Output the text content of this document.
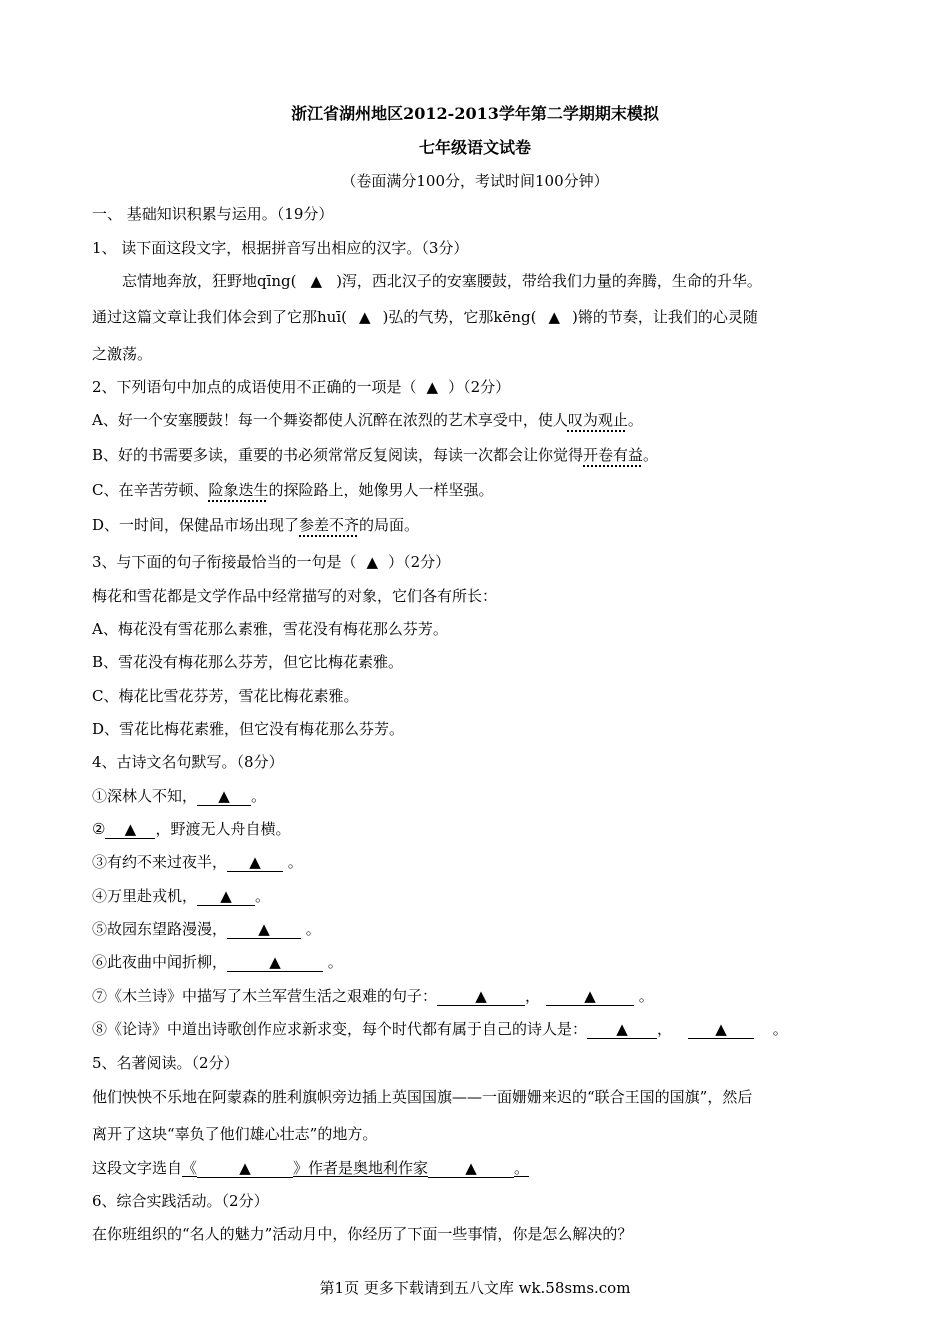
浙江省湖州地区2012-2013学年第二学期期末模拟
七年级语文试卷
（卷面满分100分，考试时间100分钟）
一、 基础知识积累与运用。（19分）
1、 读下面这段文字，根据拼音写出相应的汉字。（3分）
忘情地奔放，狂野地qīng( ▲ )泻，西北汉子的安塞腰鼓，带给我们力量的奔腾，生命的升华。
通过这篇文章让我们体会到了它那huī( ▲ )弘的气势，它那kēng( ▲ )锵的节奏，让我们的心灵随
之激荡。
2、下列语句中加点的成语使用不正确的一项是（ ▲ ）（2分）
A、好一个安塞腰鼓！每一个舞姿都使人沉醉在浓烈的艺术享受中，使人叹为观止。
B、好的书需要多读，重要的书必须常常反复阅读，每读一次都会让你觉得开卷有益。
C、在辛苦劳顿、险象迭生的探险路上，她像男人一样坚强。
D、一时间，保健品市场出现了参差不齐的局面。
3、与下面的句子衔接最恰当的一句是（ ▲ ）（2分）
梅花和雪花都是文学作品中经常描写的对象，它们各有所长：
A、梅花没有雪花那么素雅，雪花没有梅花那么芬芳。
B、雪花没有梅花那么芬芳，但它比梅花素雅。
C、梅花比雪花芬芳，雪花比梅花素雅。
D、雪花比梅花素雅，但它没有梅花那么芬芳。
4、古诗文名句默写。（8分）
①深林人不知， ▲ 。
② ▲ ，野渡无人舟自横。
③有约不来过夜半， ▲ 。
④万里赴戎机， ▲ 。
⑤故园东望路漫漫， ▲ 。
⑥此夜曲中闻折柳，	▲	。
⑦《木兰诗》中描写了木兰军营生活之艰难的句子：	▲	，	▲	。
⑧《论诗》中道出诗歌创作应求新求变，每个时代都有属于自己的诗人是： ▲ ，	▲	。
5、名著阅读。（2分）
他们怏怏不乐地在阿蒙森的胜利旗帜旁边插上英国国旗——一面姗姗来迟的“联合王国的国旗”，然后
离开了这块“辜负了他们雄心壮志”的地方。
这段文字选自《	▲	》作者是奥地利作家 ▲ 。
6、综合实践活动。（2分）
在你班组织的“名人的魅力”活动月中，你经历了下面一些事情，你是怎么解决的？
第1页 更多下载请到五八文库 wk.58sms.com
